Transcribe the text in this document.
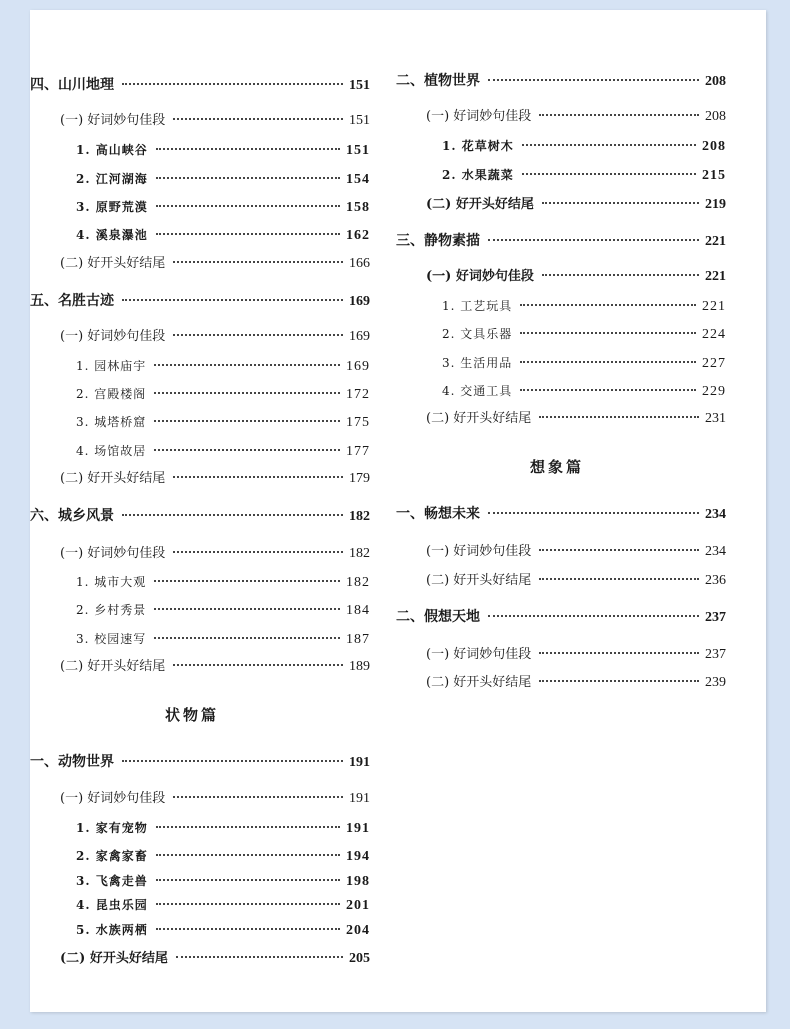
四、山川地理	151
(一) 好词妙句佳段	151
1. 高山峡谷	151
2. 江河湖海	154
3. 原野荒漠	158
4. 溪泉瀑池	162
(二) 好开头好结尾	166
五、名胜古迹	169
(一) 好词妙句佳段	169
1. 园林庙宇	169
2. 宫殿楼阁	172
3. 城塔桥窟	175
4. 场馆故居	177
(二) 好开头好结尾	179
六、城乡风景	182
(一) 好词妙句佳段	182
1. 城市大观	182
2. 乡村秀景	184
3. 校园速写	187
(二) 好开头好结尾	189
状物篇
一、动物世界	191
(一) 好词妙句佳段	191
1. 家有宠物	191
2. 家禽家畜	194
3. 飞禽走兽	198
4. 昆虫乐园	201
5. 水族两栖	204
(二) 好开头好结尾	205
二、植物世界	208
(一) 好词妙句佳段	208
1. 花草树木	208
2. 水果蔬菜	215
(二) 好开头好结尾	219
三、静物素描	221
(一) 好词妙句佳段	221
1. 工艺玩具	221
2. 文具乐器	224
3. 生活用品	227
4. 交通工具	229
(二) 好开头好结尾	231
想象篇
一、畅想未来	234
(一) 好词妙句佳段	234
(二) 好开头好结尾	236
二、假想天地	237
(一) 好词妙句佳段	237
(二) 好开头好结尾	239
